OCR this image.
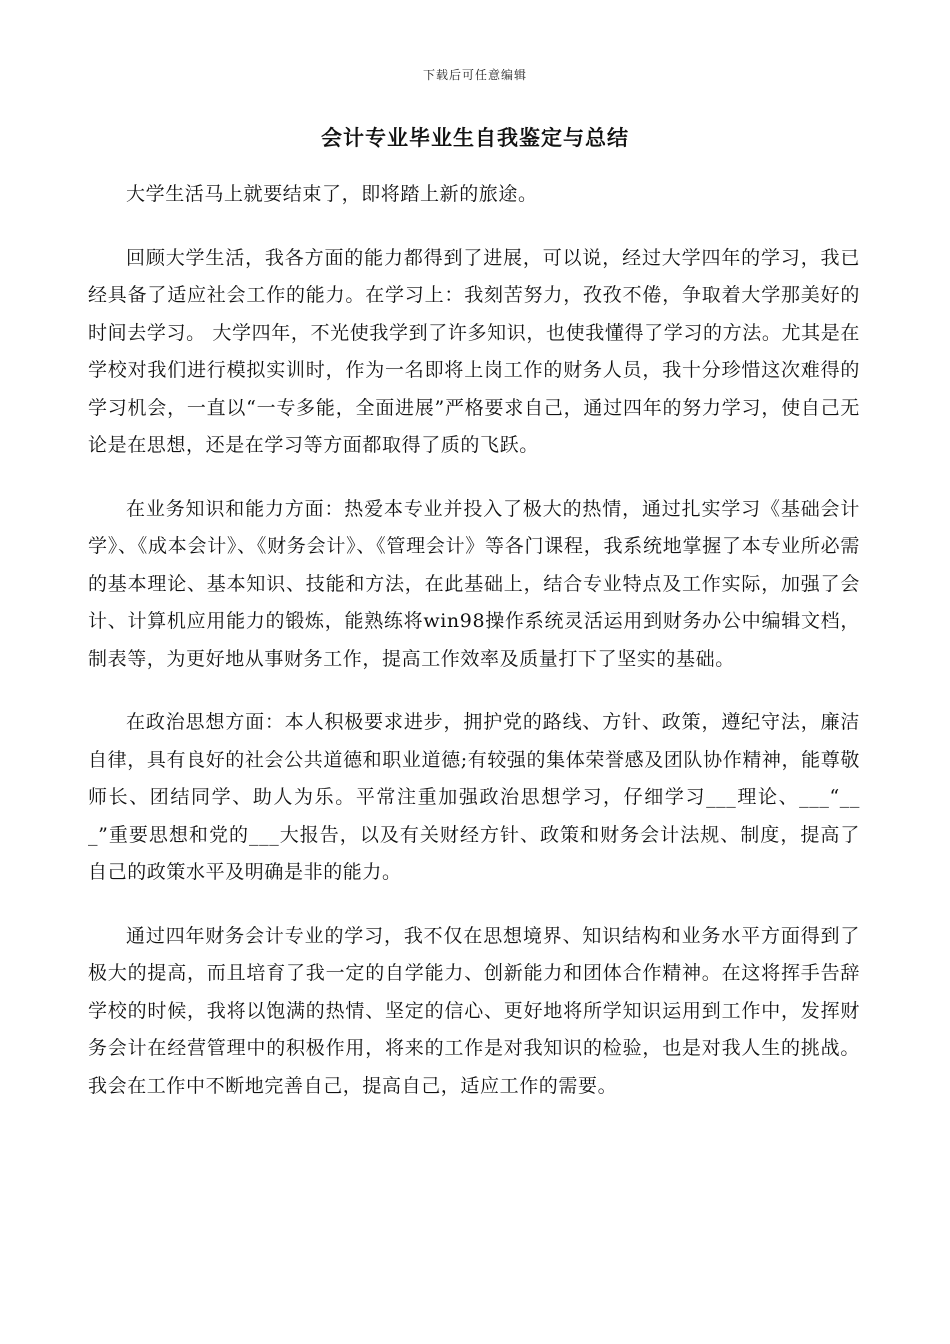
下载后可任意编辑
会计专业毕业生自我鉴定与总结

大学生活马上就要结束了，即将踏上新的旅途。

回顾大学生活，我各方面的能力都得到了进展，可以说，经过大学四年的学习，我已经具备了适应社会工作的能力。在学习上：我刻苦努力，孜孜不倦，争取着大学那美好的时间去学习。 大学四年，不光使我学到了许多知识，也使我懂得了学习的方法。尤其是在学校对我们进行模拟实训时，作为一名即将上岗工作的财务人员，我十分珍惜这次难得的学习机会，一直以“一专多能，全面进展”严格要求自己，通过四年的努力学习，使自己无论是在思想，还是在学习等方面都取得了质的飞跃。

在业务知识和能力方面：热爱本专业并投入了极大的热情，通过扎实学习《基础会计学》、《成本会计》、《财务会计》、《管理会计》等各门课程，我系统地掌握了本专业所必需的基本理论、基本知识、技能和方法，在此基础上，结合专业特点及工作实际，加强了会计、计算机应用能力的锻炼，能熟练将win98操作系统灵活运用到财务办公中编辑文档，制表等，为更好地从事财务工作，提高工作效率及质量打下了坚实的基础。

在政治思想方面：本人积极要求进步，拥护党的路线、方针、政策，遵纪守法，廉洁自律，具有良好的社会公共道德和职业道德;有较强的集体荣誉感及团队协作精神，能尊敬师长、团结同学、助人为乐。平常注重加强政治思想学习，仔细学习___理论、___“___”重要思想和党的___大报告，以及有关财经方针、政策和财务会计法规、制度，提高了自己的政策水平及明确是非的能力。

通过四年财务会计专业的学习，我不仅在思想境界、知识结构和业务水平方面得到了极大的提高，而且培育了我一定的自学能力、创新能力和团体合作精神。在这将挥手告辞学校的时候，我将以饱满的热情、坚定的信心、更好地将所学知识运用到工作中，发挥财务会计在经营管理中的积极作用，将来的工作是对我知识的检验，也是对我人生的挑战。我会在工作中不断地完善自己，提高自己，适应工作的需要。
